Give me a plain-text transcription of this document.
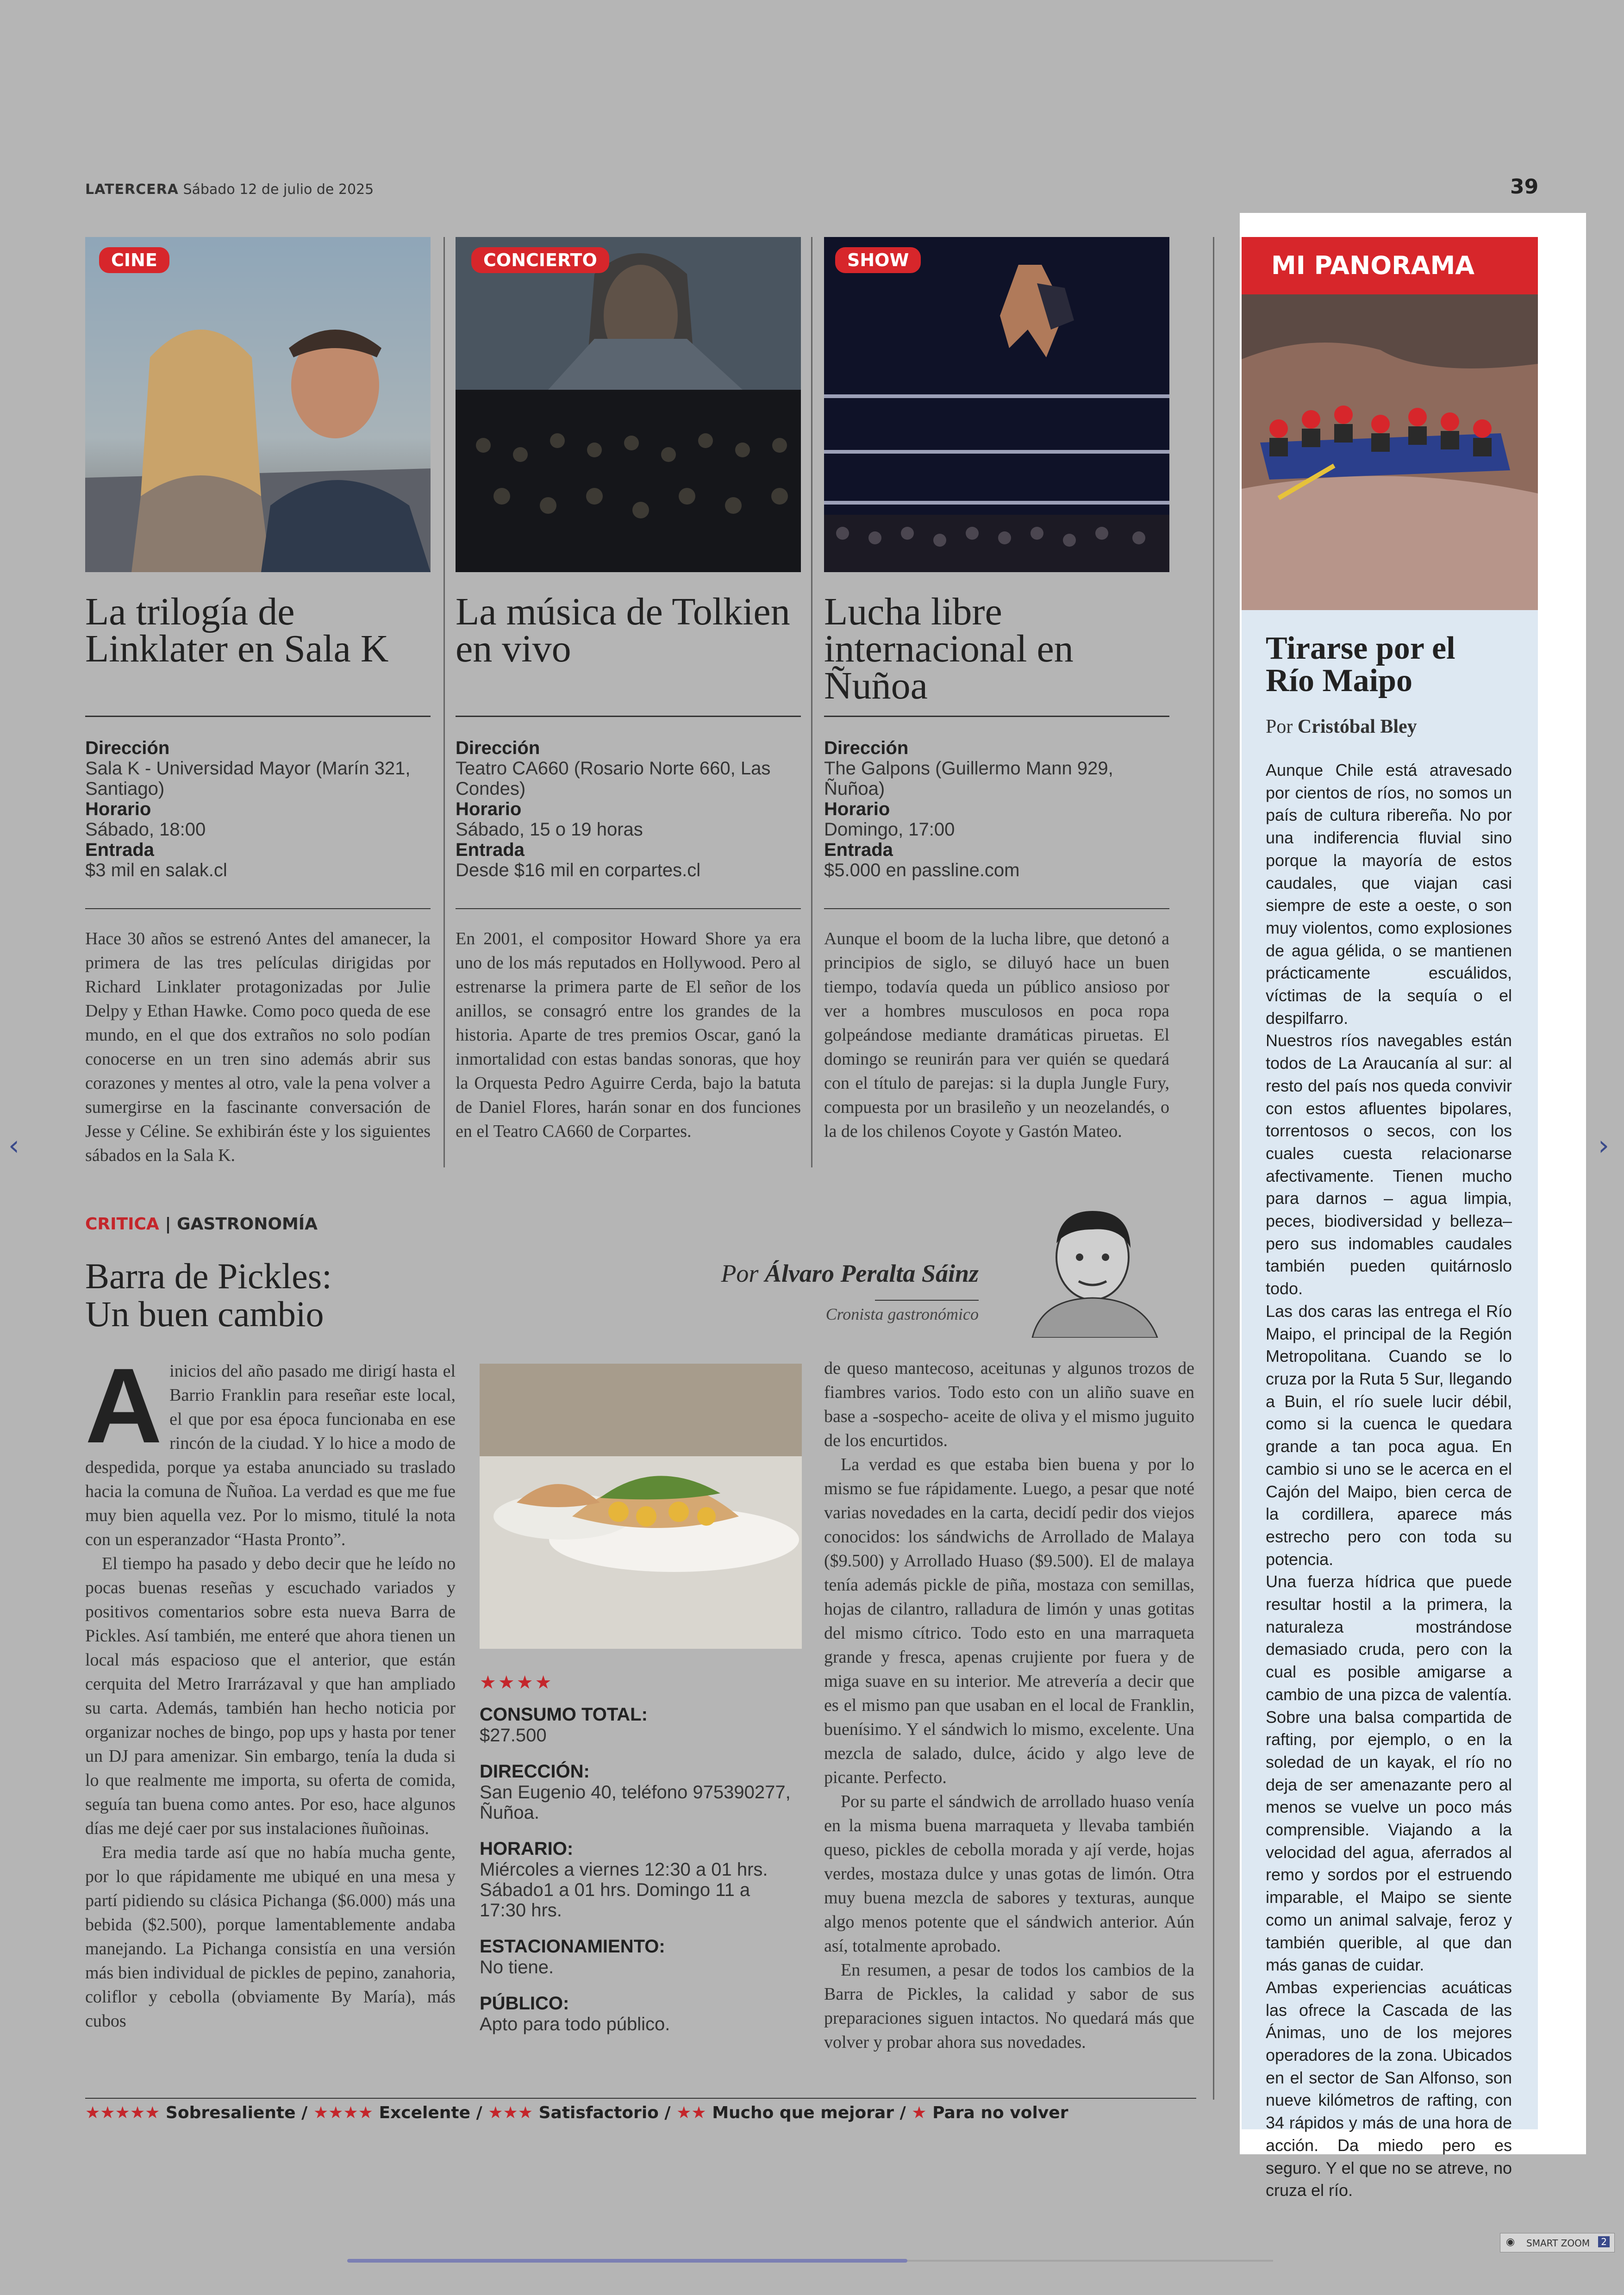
LATERCERA Sábado 12 de julio de 2025	39
CINE
La trilogía de
Linklater en Sala K
Dirección
Sala K - Universidad Mayor (Marín 321, Santiago)
Horario
Sábado, 18:00
Entrada
$3 mil en salak.cl
Hace 30 años se estrenó Antes del amanecer, la primera de las tres películas dirigidas por Richard Linklater protagonizadas por Julie Delpy y Ethan Hawke. Como poco queda de ese mundo, en el que dos extraños no solo podían conocerse en un tren sino además abrir sus corazones y mentes al otro, vale la pena volver a sumergirse en la fascinante conversación de Jesse y Céline. Se exhibirán éste y los siguientes sábados en la Sala K.
CONCIERTO
La música de Tolkien
en vivo
Dirección
Teatro CA660 (Rosario Norte 660, Las Condes)
Horario
Sábado, 15 o 19 horas
Entrada
Desde $16 mil en corpartes.cl
En 2001, el compositor Howard Shore ya era uno de los más reputados en Hollywood. Pero al estrenarse la primera parte de El señor de los anillos, se consagró entre los grandes de la historia. Aparte de tres premios Oscar, ganó la inmortalidad con estas bandas sonoras, que hoy la Orquesta Pedro Aguirre Cerda, bajo la batuta de Daniel Flores, harán sonar en dos funciones en el Teatro CA660 de Corpartes.
SHOW
Lucha libre
internacional en
Ñuñoa
Dirección
The Galpons (Guillermo Mann 929, Ñuñoa)
Horario
Domingo, 17:00
Entrada
$5.000 en passline.com
Aunque el boom de la lucha libre, que detonó a principios de siglo, se diluyó hace un buen tiempo, todavía queda un público ansioso por ver a hombres musculosos en poca ropa golpeándose mediante dramáticas piruetas. El domingo se reunirán para ver quién se quedará con el título de parejas: si la dupla Jungle Fury, compuesta por un brasileño y un neozelandés, o la de los chilenos Coyote y Gastón Mateo.
CRITICA | GASTRONOMÍA
Barra de Pickles:
Un buen cambio
Por Álvaro Peralta Sáinz
Cronista gastronómico

Ainicios del año pasado me dirigí hasta el Barrio Franklin para reseñar este local, el que por esa época funcionaba en ese rincón de la ciudad. Y lo hice a modo de despedida, porque ya estaba anunciado su traslado hacia la comuna de Ñuñoa. La verdad es que me fue muy bien aquella vez. Por lo mismo, titulé la nota con un esperanzador “Hasta Pronto”.

El tiempo ha pasado y debo decir que he leído no pocas buenas reseñas y escuchado variados y positivos comentarios sobre esta nueva Barra de Pickles. Así también, me enteré que ahora tienen un local más espacioso que el anterior, que están cerquita del Metro Irarrázaval y que han ampliado su carta. Además, también han hecho noticia por organizar noches de bingo, pop ups y hasta por tener un DJ para amenizar. Sin embargo, tenía la duda si lo que realmente me importa, su oferta de comida, seguía tan buena como antes. Por eso, hace algunos días me dejé caer por sus instalaciones ñuñoinas.

Era media tarde así que no había mucha gente, por lo que rápidamente me ubiqué en una mesa y partí pidiendo su clásica Pichanga ($6.000) más una bebida ($2.500), porque lamentablemente andaba manejando. La Pichanga consistía en una versión más bien individual de pickles de pepino, zanahoria, coliflor y cebolla (obviamente By María), más cubos

★★★★
CONSUMO TOTAL:
$27.500
DIRECCIÓN:
San Eugenio 40, teléfono 975390277, Ñuñoa.
HORARIO:
Miércoles a viernes 12:30 a 01 hrs. Sábado1 a 01 hrs. Domingo 11 a 17:30 hrs.
ESTACIONAMIENTO:
No tiene.
PÚBLICO:
Apto para todo público.

de queso mantecoso, aceitunas y algunos trozos de fiambres varios. Todo esto con un aliño suave en base a -sospecho- aceite de oliva y el mismo juguito de los encurtidos.

La verdad es que estaba bien buena y por lo mismo se fue rápidamente. Luego, a pesar que noté varias novedades en la carta, decidí pedir dos viejos conocidos: los sándwichs de Arrollado de Malaya ($9.500) y Arrollado Huaso ($9.500). El de malaya tenía además pickle de piña, mostaza con semillas, hojas de cilantro, ralladura de limón y unas gotitas del mismo cítrico. Todo esto en una marraqueta grande y fresca, apenas crujiente por fuera y de miga suave en su interior. Me atrevería a decir que es el mismo pan que usaban en el local de Franklin, buenísimo. Y el sándwich lo mismo, excelente. Una mezcla de salado, dulce, ácido y algo leve de picante. Perfecto.

Por su parte el sándwich de arrollado huaso venía en la misma buena marraqueta y llevaba también queso, pickles de cebolla morada y ají verde, hojas verdes, mostaza dulce y unas gotas de limón. Otra muy buena mezcla de sabores y texturas, aunque algo menos potente que el sándwich anterior. Aún así, totalmente aprobado.

En resumen, a pesar de todos los cambios de la Barra de Pickles, la calidad y sabor de sus preparaciones siguen intactos. No quedará más que volver y probar ahora sus novedades.

★★★★★ Sobresaliente / ★★★★ Excelente / ★★★ Satisfactorio / ★★ Mucho que mejorar / ★ Para no volver
MI PANORAMA
Tirarse por el
Río Maipo
Por Cristóbal Bley

Aunque Chile está atravesado por cientos de ríos, no somos un país de cultura ribereña. No por una indiferencia fluvial sino porque la mayoría de estos caudales, que viajan casi siempre de este a oeste, o son muy violentos, como explosiones de agua gélida, o se mantienen prácticamente escuálidos, víctimas de la sequía o el despilfarro.

Nuestros ríos navegables están todos de La Araucanía al sur: al resto del país nos queda convivir con estos afluentes bipolares, torrentosos o secos, con los cuales cuesta relacionarse afectivamente. Tienen mucho para darnos – agua limpia, peces, biodiversidad y belleza– pero sus indomables caudales también pueden quitárnoslo todo.

Las dos caras las entrega el Río Maipo, el principal de la Región Metropolitana. Cuando se lo cruza por la Ruta 5 Sur, llegando a Buin, el río suele lucir débil, como si la cuenca le quedara grande a tan poca agua. En cambio si uno se le acerca en el Cajón del Maipo, bien cerca de la cordillera, aparece más estrecho pero con toda su potencia.

Una fuerza hídrica que puede resultar hostil a la primera, la naturaleza mostrándose demasiado cruda, pero con la cual es posible amigarse a cambio de una pizca de valentía. Sobre una balsa compartida de rafting, por ejemplo, o en la soledad de un kayak, el río no deja de ser amenazante pero al menos se vuelve un poco más comprensible. Viajando a la velocidad del agua, aferrados al remo y sordos por el estruendo imparable, el Maipo se siente como un animal salvaje, feroz y también querible, al que dan más ganas de cuidar.

Ambas experiencias acuáticas las ofrece la Cascada de las Ánimas, uno de los mejores operadores de la zona. Ubicados en el sector de San Alfonso, son nueve kilómetros de rafting, con 34 rápidos y más de una hora de acción. Da miedo pero es seguro. Y el que no se atreve, no cruza el río.

‹	›
◉ SMART ZOOM	2
